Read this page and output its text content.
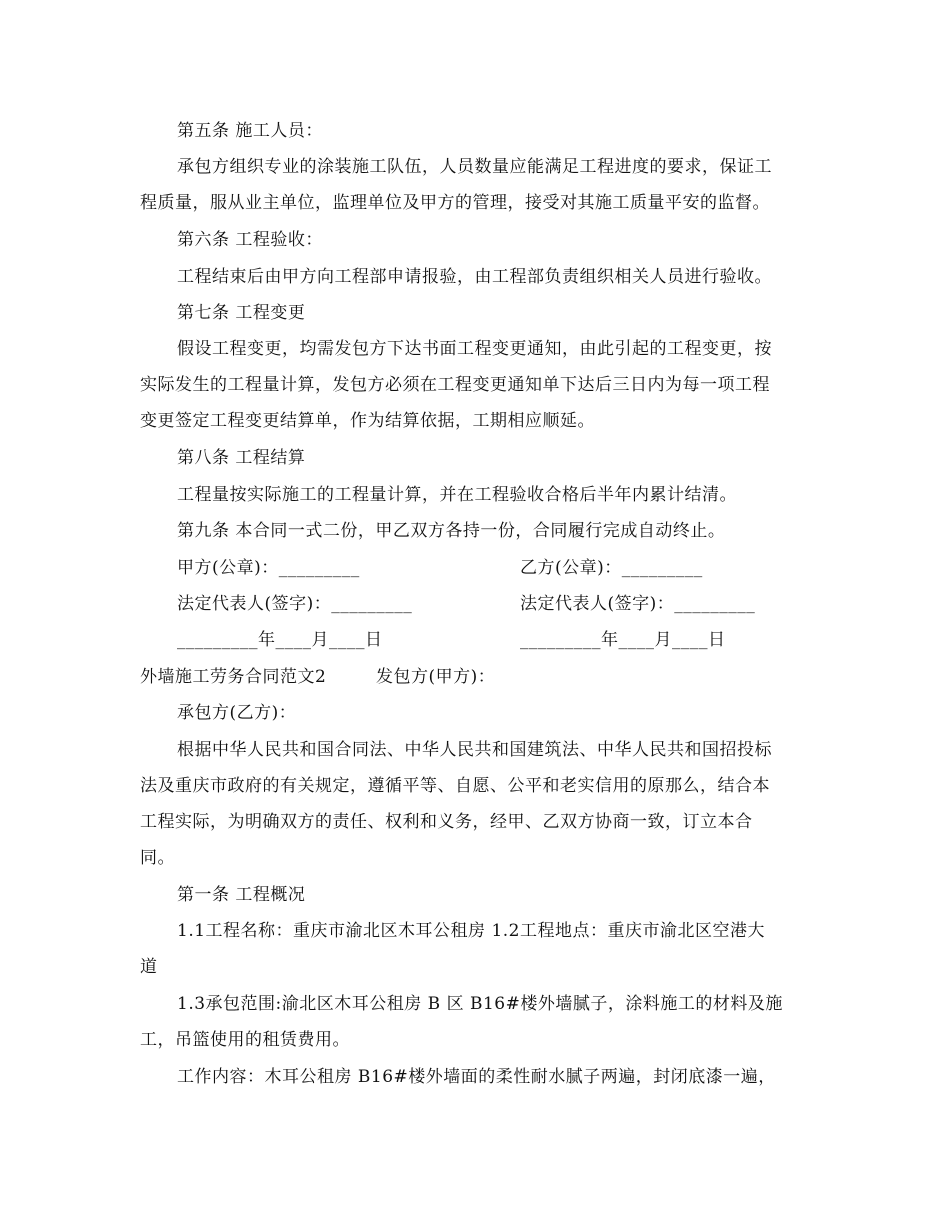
第五条 施工人员：
承包方组织专业的涂装施工队伍，人员数量应能满足工程进度的要求，保证工
程质量，服从业主单位，监理单位及甲方的管理，接受对其施工质量平安的监督。
第六条 工程验收：
工程结束后由甲方向工程部申请报验，由工程部负责组织相关人员进行验收。
第七条 工程变更
假设工程变更，均需发包方下达书面工程变更通知，由此引起的工程变更，按
实际发生的工程量计算，发包方必须在工程变更通知单下达后三日内为每一项工程
变更签定工程变更结算单，作为结算依据，工期相应顺延。
第八条 工程结算
工程量按实际施工的工程量计算，并在工程验收合格后半年内累计结清。
第九条 本合同一式二份，甲乙双方各持一份，合同履行完成自动终止。
甲方(公章)：_________	乙方(公章)：_________
法定代表人(签字)：_________	法定代表人(签字)：_________
_________年____月____日	_________年____月____日
外墙施工劳务合同范文2	发包方(甲方)：
承包方(乙方)：
根据中华人民共和国合同法、中华人民共和国建筑法、中华人民共和国招投标
法及重庆市政府的有关规定，遵循平等、自愿、公平和老实信用的原那么，结合本
工程实际，为明确双方的责任、权利和义务，经甲、乙双方协商一致，订立本合
同。
第一条 工程概况
1.1工程名称：重庆市渝北区木耳公租房 1.2工程地点：重庆市渝北区空港大
道
1.3承包范围:渝北区木耳公租房 B 区 B16#楼外墙腻子，涂料施工的材料及施
工，吊篮使用的租赁费用。
工作内容：木耳公租房 B16#楼外墙面的柔性耐水腻子两遍，封闭底漆一遍，
